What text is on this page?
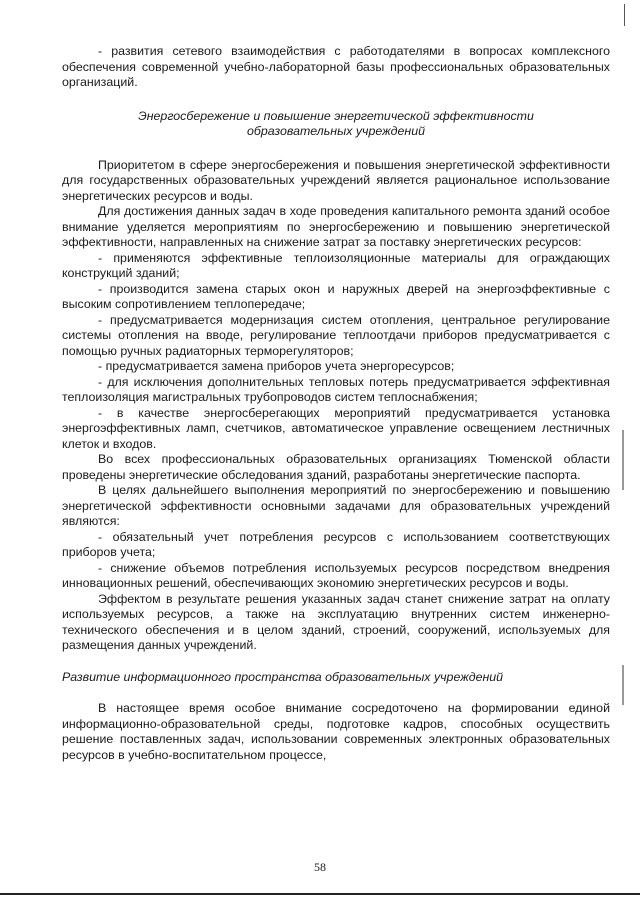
- развития сетевого взаимодействия с работодателями в вопросах комплексного обеспечения современной учебно-лабораторной базы профессиональных образовательных организаций.

Энергосбережение и повышение энергетической эффективности образовательных учреждений

Приоритетом в сфере энергосбережения и повышения энергетической эффективности для государственных образовательных учреждений является рациональное использование энергетических ресурсов и воды.

Для достижения данных задач в ходе проведения капитального ремонта зданий особое внимание уделяется мероприятиям по энергосбережению и повышению энергетической эффективности, направленных на снижение затрат за поставку энергетических ресурсов:

- применяются эффективные теплоизоляционные материалы для ограждающих конструкций зданий;

- производится замена старых окон и наружных дверей на энергоэффективные с высоким сопротивлением теплопередаче;

- предусматривается модернизация систем отопления, центральное регулирование системы отопления на вводе, регулирование теплоотдачи приборов предусматривается с помощью ручных радиаторных терморегуляторов;

- предусматривается замена приборов учета энергоресурсов;

- для исключения дополнительных тепловых потерь предусматривается эффективная теплоизоляция магистральных трубопроводов систем теплоснабжения;

- в качестве энергосберегающих мероприятий предусматривается установка энергоэффективных ламп, счетчиков, автоматическое управление освещением лестничных клеток и входов.

Во всех профессиональных образовательных организациях Тюменской области проведены энергетические обследования зданий, разработаны энергетические паспорта.

В целях дальнейшего выполнения мероприятий по энергосбережению и повышению энергетической эффективности основными задачами для образовательных учреждений являются:

- обязательный учет потребления ресурсов с использованием соответствующих приборов учета;

- снижение объемов потребления используемых ресурсов посредством внедрения инновационных решений, обеспечивающих экономию энергетических ресурсов и воды.

Эффектом в результате решения указанных задач станет снижение затрат на оплату используемых ресурсов, а также на эксплуатацию внутренних систем инженерно-технического обеспечения и в целом зданий, строений, сооружений, используемых для размещения данных учреждений.

Развитие информационного пространства образовательных учреждений

В настоящее время особое внимание сосредоточено на формировании единой информационно-образовательной среды, подготовке кадров, способных осуществить решение поставленных задач, использовании современных электронных образовательных ресурсов в учебно-воспитательном процессе,

58
